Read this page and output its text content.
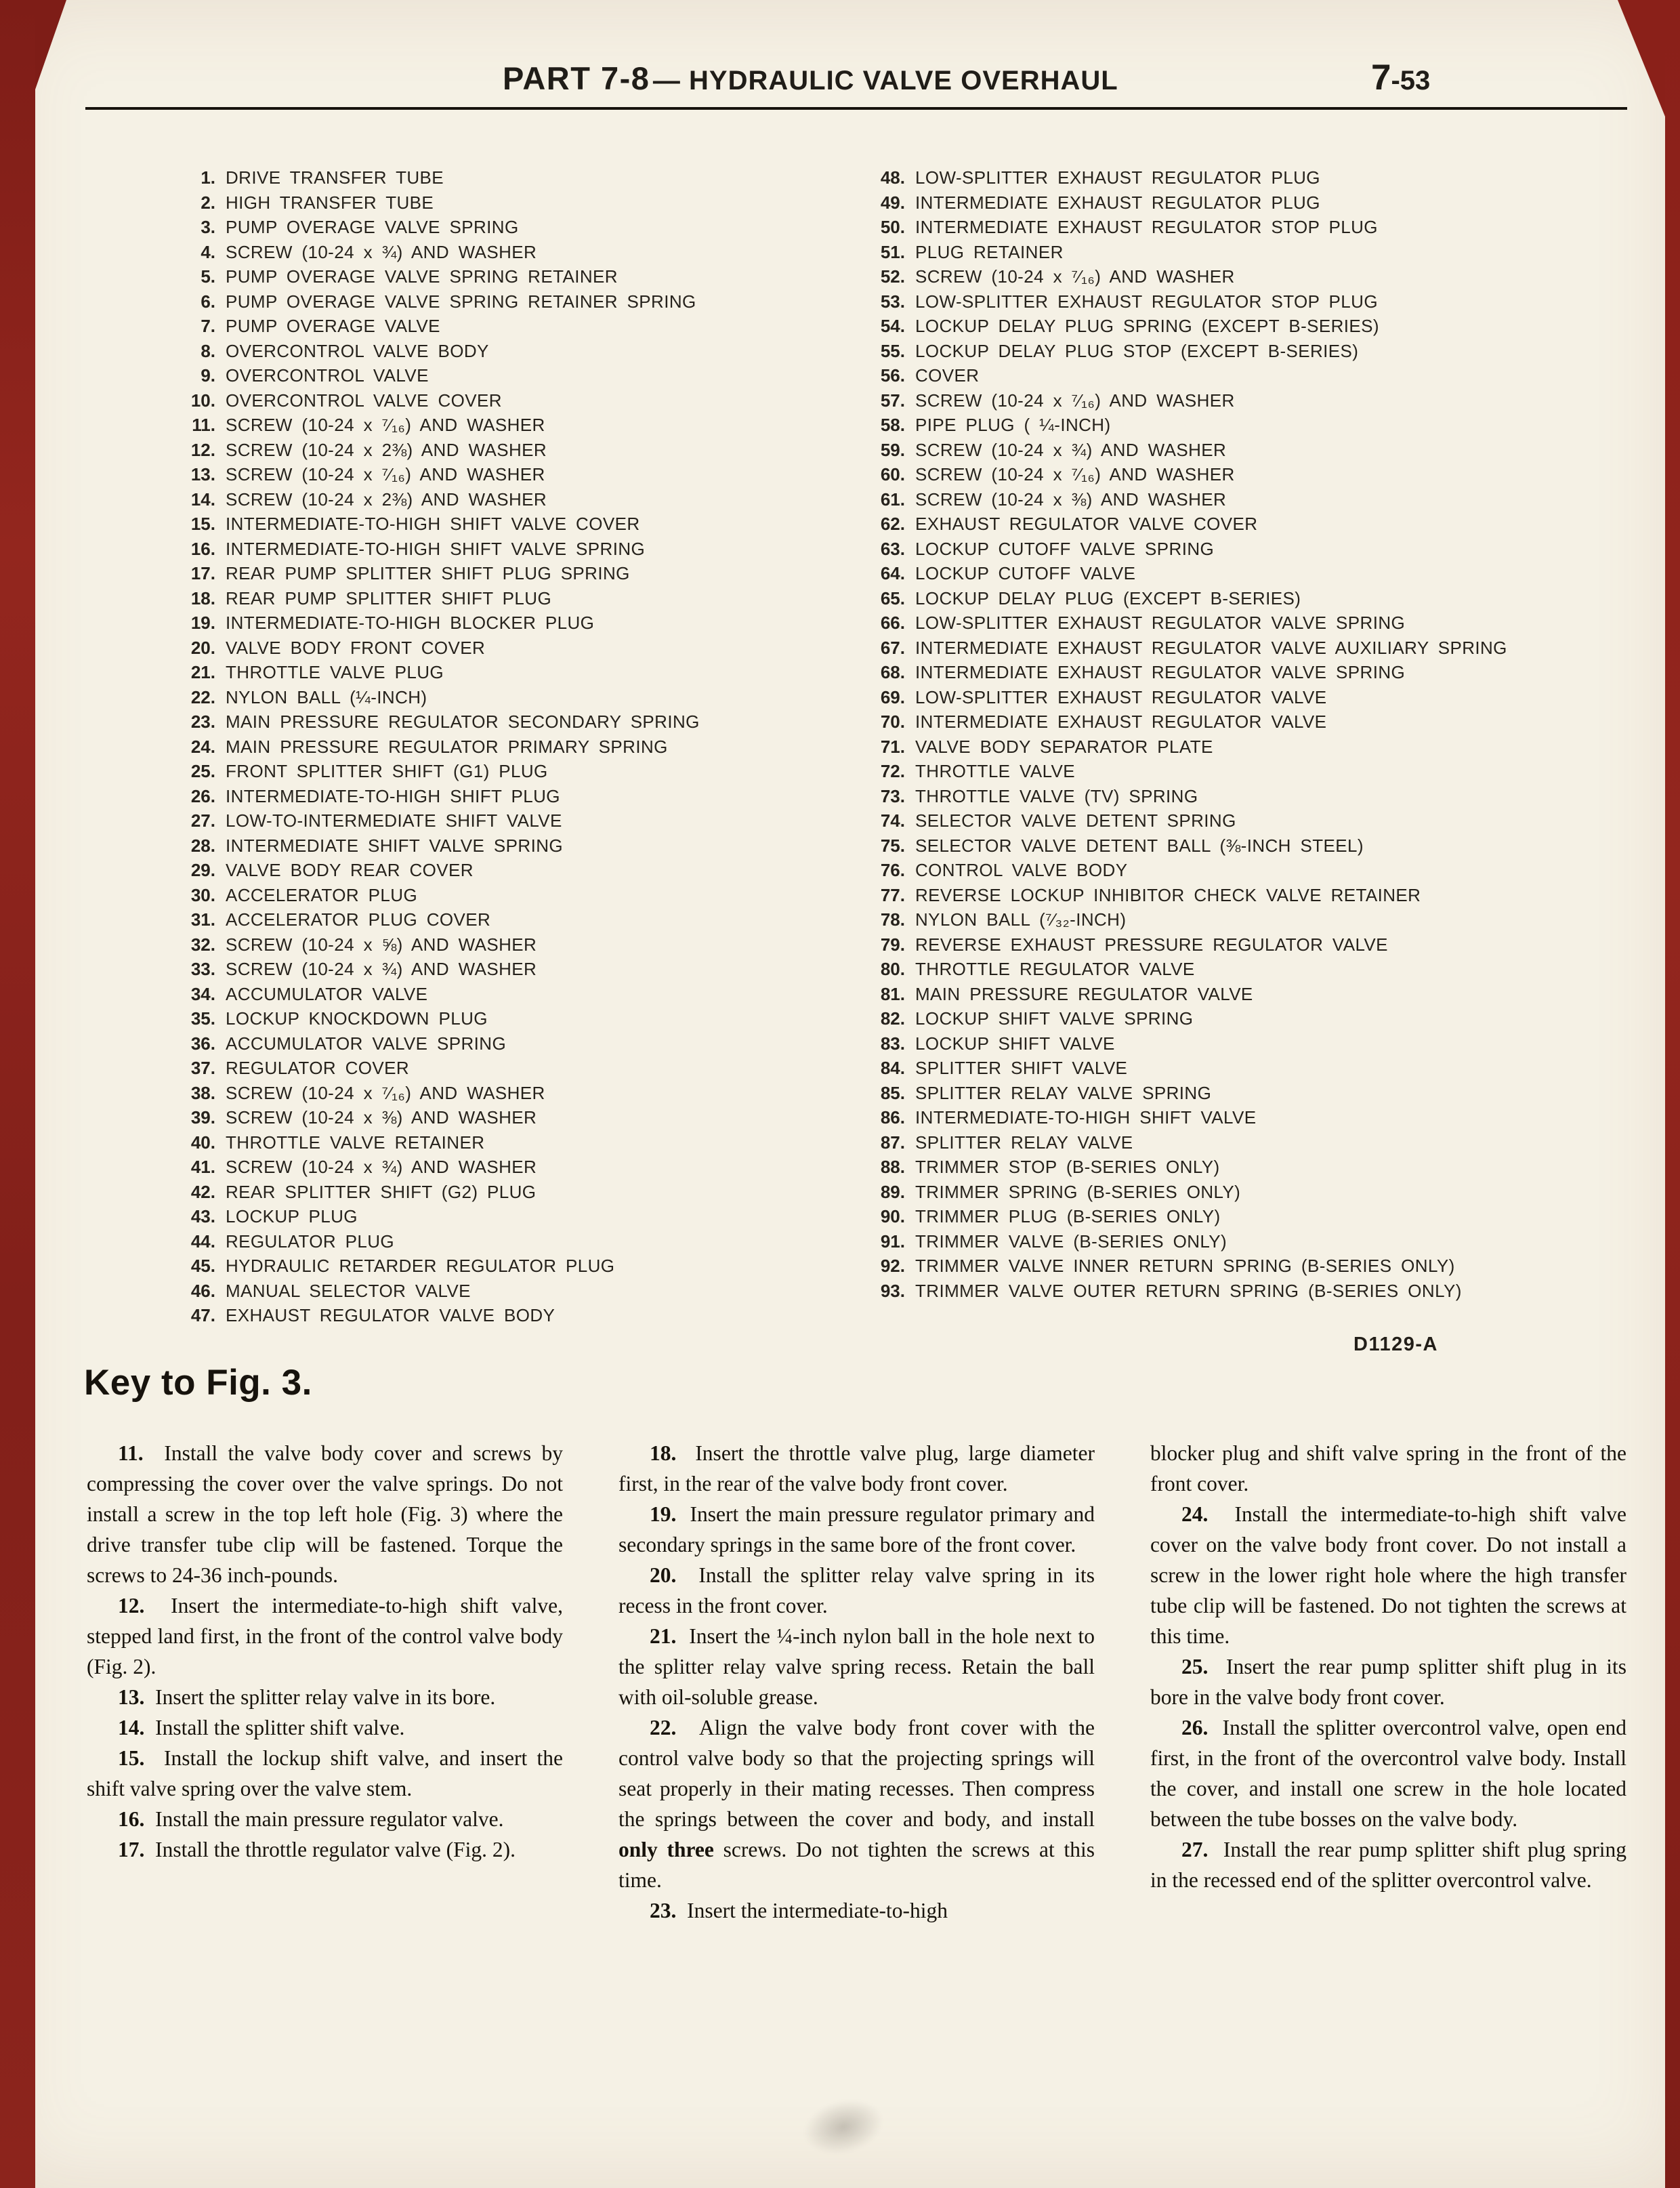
PART 7-8 — HYDRAULIC VALVE OVERHAUL	7-53
1. DRIVE TRANSFER TUBE
2. HIGH TRANSFER TUBE
3. PUMP OVERAGE VALVE SPRING
4. SCREW (10-24 x ¾) AND WASHER
5. PUMP OVERAGE VALVE SPRING RETAINER
6. PUMP OVERAGE VALVE SPRING RETAINER SPRING
7. PUMP OVERAGE VALVE
8. OVERCONTROL VALVE BODY
9. OVERCONTROL VALVE
10. OVERCONTROL VALVE COVER
11. SCREW (10-24 x ⁷⁄₁₆) AND WASHER
12. SCREW (10-24 x 2⅜) AND WASHER
13. SCREW (10-24 x ⁷⁄₁₆) AND WASHER
14. SCREW (10-24 x 2⅜) AND WASHER
15. INTERMEDIATE-TO-HIGH SHIFT VALVE COVER
16. INTERMEDIATE-TO-HIGH SHIFT VALVE SPRING
17. REAR PUMP SPLITTER SHIFT PLUG SPRING
18. REAR PUMP SPLITTER SHIFT PLUG
19. INTERMEDIATE-TO-HIGH BLOCKER PLUG
20. VALVE BODY FRONT COVER
21. THROTTLE VALVE PLUG
22. NYLON BALL (¼-INCH)
23. MAIN PRESSURE REGULATOR SECONDARY SPRING
24. MAIN PRESSURE REGULATOR PRIMARY SPRING
25. FRONT SPLITTER SHIFT (G1) PLUG
26. INTERMEDIATE-TO-HIGH SHIFT PLUG
27. LOW-TO-INTERMEDIATE SHIFT VALVE
28. INTERMEDIATE SHIFT VALVE SPRING
29. VALVE BODY REAR COVER
30. ACCELERATOR PLUG
31. ACCELERATOR PLUG COVER
32. SCREW (10-24 x ⅝) AND WASHER
33. SCREW (10-24 x ¾) AND WASHER
34. ACCUMULATOR VALVE
35. LOCKUP KNOCKDOWN PLUG
36. ACCUMULATOR VALVE SPRING
37. REGULATOR COVER
38. SCREW (10-24 x ⁷⁄₁₆) AND WASHER
39. SCREW (10-24 x ⅜) AND WASHER
40. THROTTLE VALVE RETAINER
41. SCREW (10-24 x ¾) AND WASHER
42. REAR SPLITTER SHIFT (G2) PLUG
43. LOCKUP PLUG
44. REGULATOR PLUG
45. HYDRAULIC RETARDER REGULATOR PLUG
46. MANUAL SELECTOR VALVE
47. EXHAUST REGULATOR VALVE BODY
48. LOW-SPLITTER EXHAUST REGULATOR PLUG
49. INTERMEDIATE EXHAUST REGULATOR PLUG
50. INTERMEDIATE EXHAUST REGULATOR STOP PLUG
51. PLUG RETAINER
52. SCREW (10-24 x ⁷⁄₁₆) AND WASHER
53. LOW-SPLITTER EXHAUST REGULATOR STOP PLUG
54. LOCKUP DELAY PLUG SPRING (EXCEPT B-SERIES)
55. LOCKUP DELAY PLUG STOP (EXCEPT B-SERIES)
56. COVER
57. SCREW (10-24 x ⁷⁄₁₆) AND WASHER
58. PIPE PLUG ( ¼-INCH)
59. SCREW (10-24 x ¾) AND WASHER
60. SCREW (10-24 x ⁷⁄₁₆) AND WASHER
61. SCREW (10-24 x ⅜) AND WASHER
62. EXHAUST REGULATOR VALVE COVER
63. LOCKUP CUTOFF VALVE SPRING
64. LOCKUP CUTOFF VALVE
65. LOCKUP DELAY PLUG (EXCEPT B-SERIES)
66. LOW-SPLITTER EXHAUST REGULATOR VALVE SPRING
67. INTERMEDIATE EXHAUST REGULATOR VALVE AUXILIARY SPRING
68. INTERMEDIATE EXHAUST REGULATOR VALVE SPRING
69. LOW-SPLITTER EXHAUST REGULATOR VALVE
70. INTERMEDIATE EXHAUST REGULATOR VALVE
71. VALVE BODY SEPARATOR PLATE
72. THROTTLE VALVE
73. THROTTLE VALVE (TV) SPRING
74. SELECTOR VALVE DETENT SPRING
75. SELECTOR VALVE DETENT BALL (⅜-INCH STEEL)
76. CONTROL VALVE BODY
77. REVERSE LOCKUP INHIBITOR CHECK VALVE RETAINER
78. NYLON BALL (⁷⁄₃₂-INCH)
79. REVERSE EXHAUST PRESSURE REGULATOR VALVE
80. THROTTLE REGULATOR VALVE
81. MAIN PRESSURE REGULATOR VALVE
82. LOCKUP SHIFT VALVE SPRING
83. LOCKUP SHIFT VALVE
84. SPLITTER SHIFT VALVE
85. SPLITTER RELAY VALVE SPRING
86. INTERMEDIATE-TO-HIGH SHIFT VALVE
87. SPLITTER RELAY VALVE
88. TRIMMER STOP (B-SERIES ONLY)
89. TRIMMER SPRING (B-SERIES ONLY)
90. TRIMMER PLUG (B-SERIES ONLY)
91. TRIMMER VALVE (B-SERIES ONLY)
92. TRIMMER VALVE INNER RETURN SPRING (B-SERIES ONLY)
93. TRIMMER VALVE OUTER RETURN SPRING (B-SERIES ONLY)
D1129-A
Key to Fig. 3.

11.  Install the valve body cover and screws by compressing the cover over the valve springs. Do not install a screw in the top left hole (Fig. 3) where the drive transfer tube clip will be fastened. Torque the screws to 24-36 inch-pounds.

12.  Insert the intermediate-to-high shift valve, stepped land first, in the front of the control valve body (Fig. 2).

13.  Insert the splitter relay valve in its bore.

14.  Install the splitter shift valve.

15.  Install the lockup shift valve, and insert the shift valve spring over the valve stem.

16.  Install the main pressure regulator valve.

17.  Install the throttle regulator valve (Fig. 2).

18.  Insert the throttle valve plug, large diameter first, in the rear of the valve body front cover.

19.  Insert the main pressure regulator primary and secondary springs in the same bore of the front cover.

20.  Install the splitter relay valve spring in its recess in the front cover.

21.  Insert the ¼-inch nylon ball in the hole next to the splitter relay valve spring recess. Retain the ball with oil-soluble grease.

22.  Align the valve body front cover with the control valve body so that the projecting springs will seat properly in their mating recesses. Then compress the springs between the cover and body, and install only three screws. Do not tighten the screws at this time.

23.  Insert the intermediate-to-high

blocker plug and shift valve spring in the front of the front cover.

24.  Install the intermediate-to-high shift valve cover on the valve body front cover. Do not install a screw in the lower right hole where the high transfer tube clip will be fastened. Do not tighten the screws at this time.

25.  Insert the rear pump splitter shift plug in its bore in the valve body front cover.

26.  Install the splitter overcontrol valve, open end first, in the front of the overcontrol valve body. Install the cover, and install one screw in the hole located between the tube bosses on the valve body.

27.  Install the rear pump splitter shift plug spring in the recessed end of the splitter overcontrol valve.
